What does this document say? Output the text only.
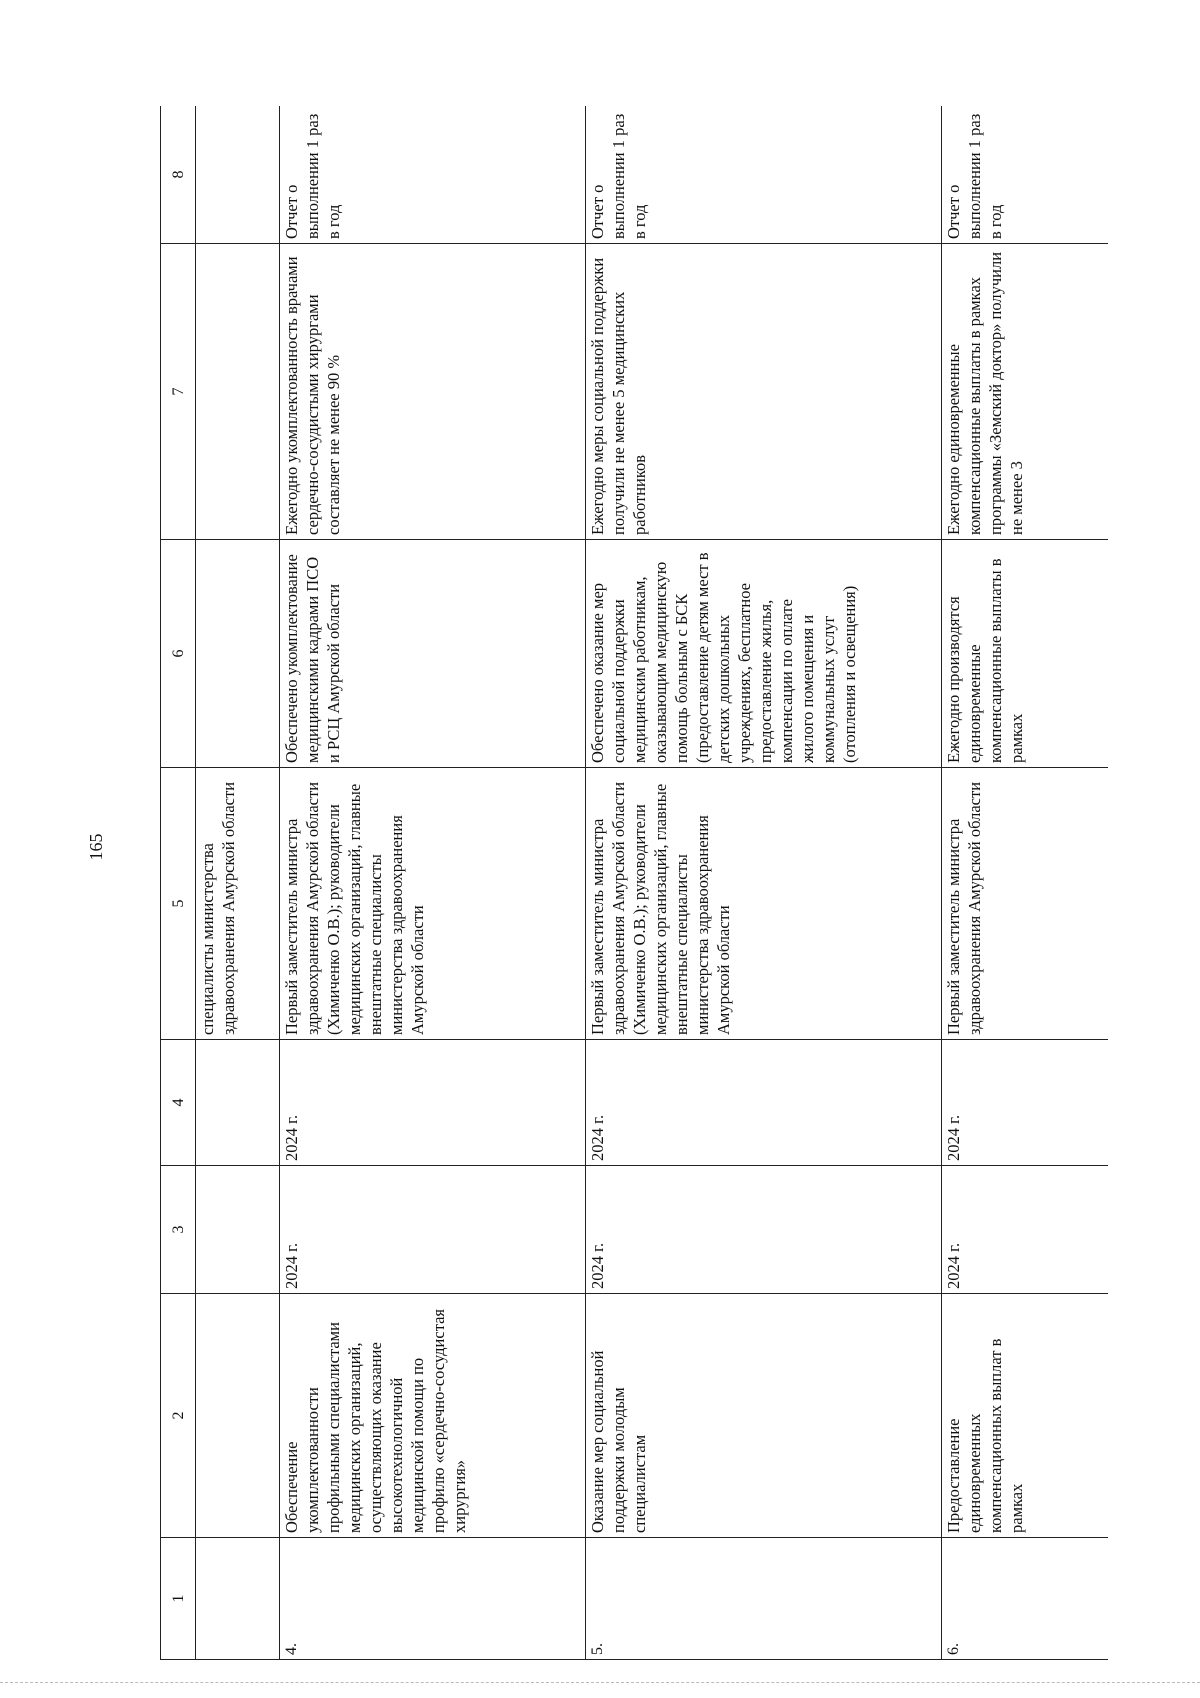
165
1	2	3	4	5	6	7	8
				специалисты министерства здравоохранения Амурской области			
4.	Обеспечение укомплектованности профильными специалистами медицинских организаций, осуществляющих оказание высокотехнологичной медицинской помощи по профилю «сердечно-сосудистая хирургия»	2024 г.	2024 г.	Первый заместитель министра здравоохранения Амурской области (Химиченко О.В.); руководители медицинских организаций, главные внештатные специалисты министерства здравоохранения Амурской области	Обеспечено укомплектование медицинскими кадрами ПСО и РСЦ Амурской области	Ежегодно укомплектованность врачами сердечно-сосудистыми хирургами составляет не менее 90 %	Отчет о выполнении 1 раз в год
5.	Оказание мер социальной поддержки молодым специалистам	2024 г.	2024 г.	Первый заместитель министра здравоохранения Амурской области (Химиченко О.В.); руководители медицинских организаций, главные внештатные специалисты министерства здравоохранения Амурской области	Обеспечено оказание мер социальной поддержки медицинским работникам, оказывающим медицинскую помощь больным с БСК (предоставление детям мест в детских дошкольных учреждениях, бесплатное предоставление жилья, компенсации по оплате жилого помещения и коммунальных услуг (отопления и освещения)	Ежегодно меры социальной поддержки получили не менее 5 медицинских работников	Отчет о выполнении 1 раз в год
6.	Предоставление единовременных компенсационных выплат в рамках	2024 г.	2024 г.	Первый заместитель министра здравоохранения Амурской области	Ежегодно производятся единовременные компенсационные выплаты в рамках	Ежегодно единовременные компенсационные выплаты в рамках программы «Земский доктор» получили не менее 3	Отчет о выполнении 1 раз в год
